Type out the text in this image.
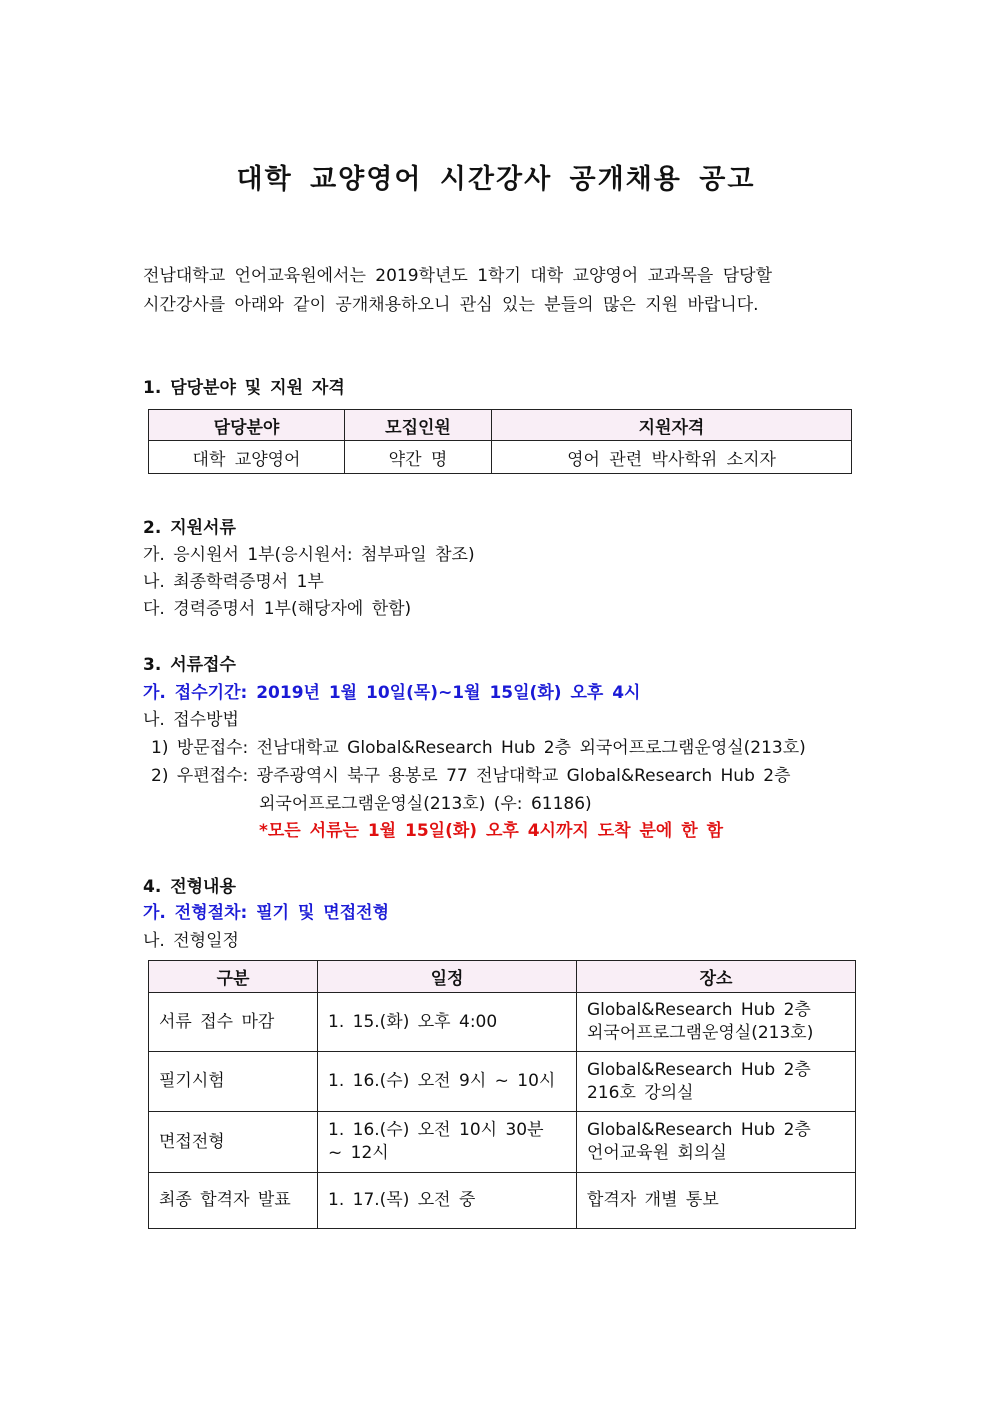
대학 교양영어 시간강사 공개채용 공고
전남대학교 언어교육원에서는 2019학년도 1학기 대학 교양영어 교과목을 담당할
시간강사를 아래와 같이 공개채용하오니 관심 있는 분들의 많은 지원 바랍니다.
1. 담당분야 및 지원 자격
담당분야	모집인원	지원자격
대학 교양영어	약간 명	영어 관련 박사학위 소지자
2. 지원서류
가. 응시원서 1부(응시원서: 첨부파일 참조)
나. 최종학력증명서 1부
다. 경력증명서 1부(해당자에 한함)
3. 서류접수
가. 접수기간: 2019년 1월 10일(목)~1월 15일(화) 오후 4시
나. 접수방법
1) 방문접수: 전남대학교 Global&Research Hub 2층 외국어프로그램운영실(213호)
2) 우편접수: 광주광역시 북구 용봉로 77 전남대학교 Global&Research Hub 2층
외국어프로그램운영실(213호) (우: 61186)
*모든 서류는 1월 15일(화) 오후 4시까지 도착 분에 한 함
4. 전형내용
가. 전형절차: 필기 및 면접전형
나. 전형일정
구분	일정	장소
서류 접수 마감	1. 15.(화) 오후 4:00	Global&Research Hub 2층
외국어프로그램운영실(213호)

필기시험	1. 16.(수) 오전 9시 ~ 10시	Global&Research Hub 2층
216호 강의실

면접전형	1. 16.(수) 오전 10시 30분 ~ 12시	Global&Research Hub 2층
언어교육원 회의실

최종 합격자 발표	1. 17.(목) 오전 중	합격자 개별 통보
